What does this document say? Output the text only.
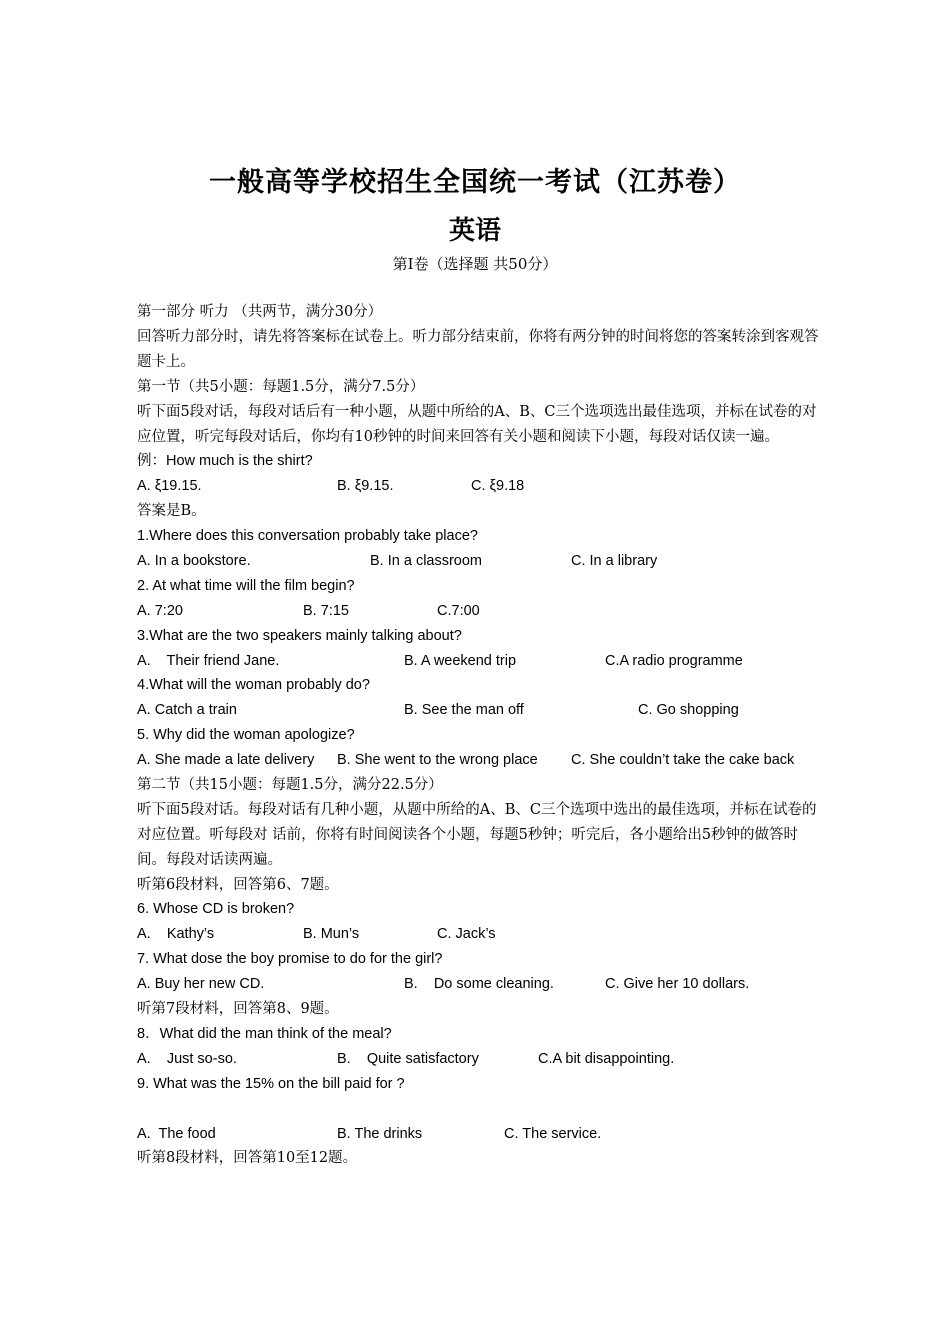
一般高等学校招生全国统一考试（江苏卷）
英语
第Ⅰ卷（选择题 共50分）
第一部分 听力 （共两节，满分30分）
回答听力部分时，请先将答案标在试卷上。听力部分结束前，你将有两分钟的时间将您的答案转涂到客观答题卡上。
第一节（共5小题：每题1.5分，满分7.5分）
听下面5段对话，每段对话后有一种小题，从题中所给的A、B、C三个选项选出最佳选项，并标在试卷的对应位置，听完每段对话后，你均有10秒钟的时间来回答有关小题和阅读下小题，每段对话仅读一遍。
例：How much is the shirt?
A. ξ19.15.	B. ξ9.15.	C. ξ9.18
答案是B。
1.Where does this conversation probably take place?
A. In a bookstore.	B. In a classroom	C. In a library
2. At what time will the film begin?
A. 7:20	B. 7:15	C.7:00
3.What are the two speakers mainly talking about?
A.    Their friend Jane.	B. A weekend trip	C.A radio programme
4.What will the woman probably do?
A. Catch a train	B. See the man off	C. Go shopping
5. Why did the woman apologize?
A. She made a late delivery B. She went to the wrong place C. She couldn’t take the cake back
第二节（共15小题：每题1.5分，满分22.5分）
听下面5段对话。每段对话有几种小题，从题中所给的A、B、C三个选项中选出的最佳选项，并标在试卷的对应位置。听每段对 话前，你将有时间阅读各个小题，每题5秒钟；听完后，各小题给出5秒钟的做答时间。每段对话读两遍。
听第6段材料，回答第6、7题。
6. Whose CD is broken?
A.    Kathy’s	B. Mun’s	C. Jack’s
7. What dose the boy promise to do for the girl?
A. Buy her new CD.	B.    Do some cleaning.	C. Give her 10 dollars.
听第7段材料，回答第8、9题。
8．What did the man think of the meal?
A.    Just so-so.	B.    Quite satisfactory	C.A bit disappointing.
9. What was the 15% on the bill paid for ?
A.  The food	B. The drinks	C. The service.
听第8段材料，回答第10至12题。
